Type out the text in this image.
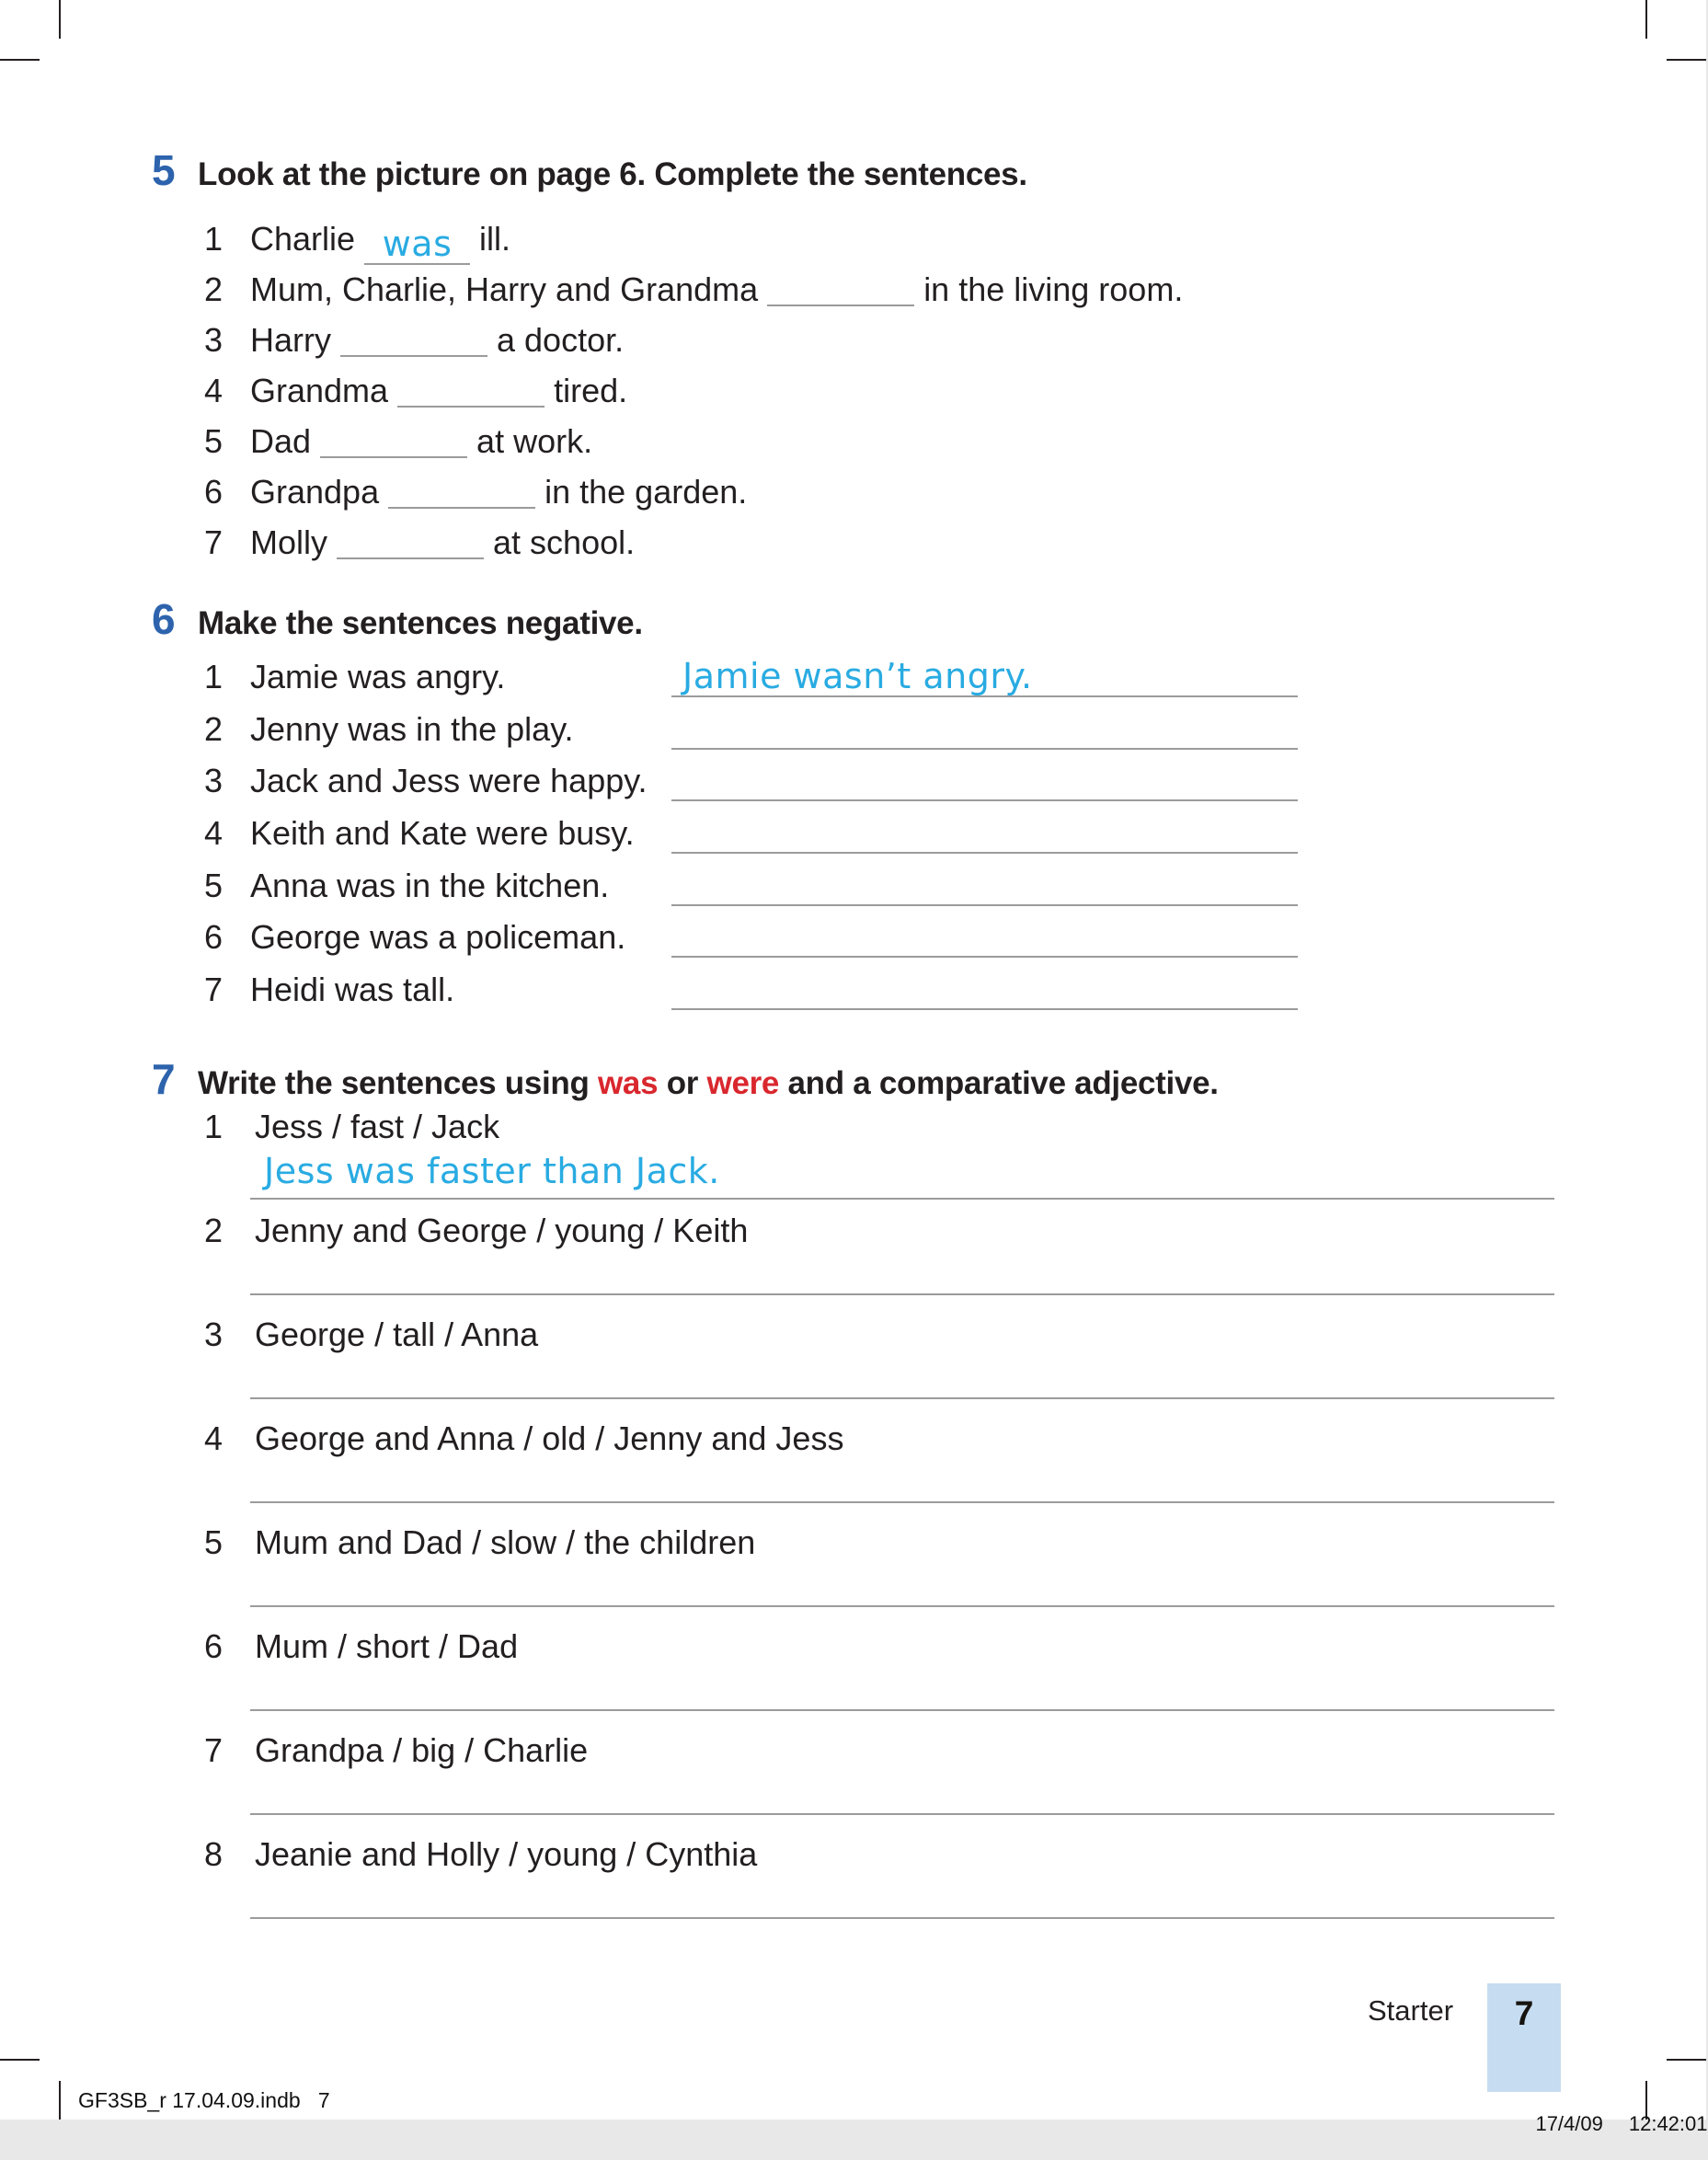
5 Look at the picture on page 6. Complete the sentences.
1 Charlie was ill.
2 Mum, Charlie, Harry and Grandma	in the living room.
3 Harry	a doctor.
4 Grandma	tired.
5 Dad	at work.
6 Grandpa	in the garden.
7 Molly	at school.
6 Make the sentences negative.
1 Jamie was angry.	Jamie wasn’t angry.
2 Jenny was in the play.
3 Jack and Jess were happy.
4 Keith and Kate were busy.
5 Anna was in the kitchen.
6 George was a policeman.
7 Heidi was tall.
7 Write the sentences using was or were and a comparative adjective.
1 Jess / fast / Jack
Jess was faster than Jack.
2 Jenny and George / young / Keith
3 George / tall / Anna
4 George and Anna / old / Jenny and Jess
5 Mum and Dad / slow / the children
6 Mum / short / Dad
7 Grandpa / big / Charlie
8 Jeanie and Holly / young / Cynthia
Starter	7
GF3SB_r 17.04.09.indb   7

17/4/09 12:42:01
